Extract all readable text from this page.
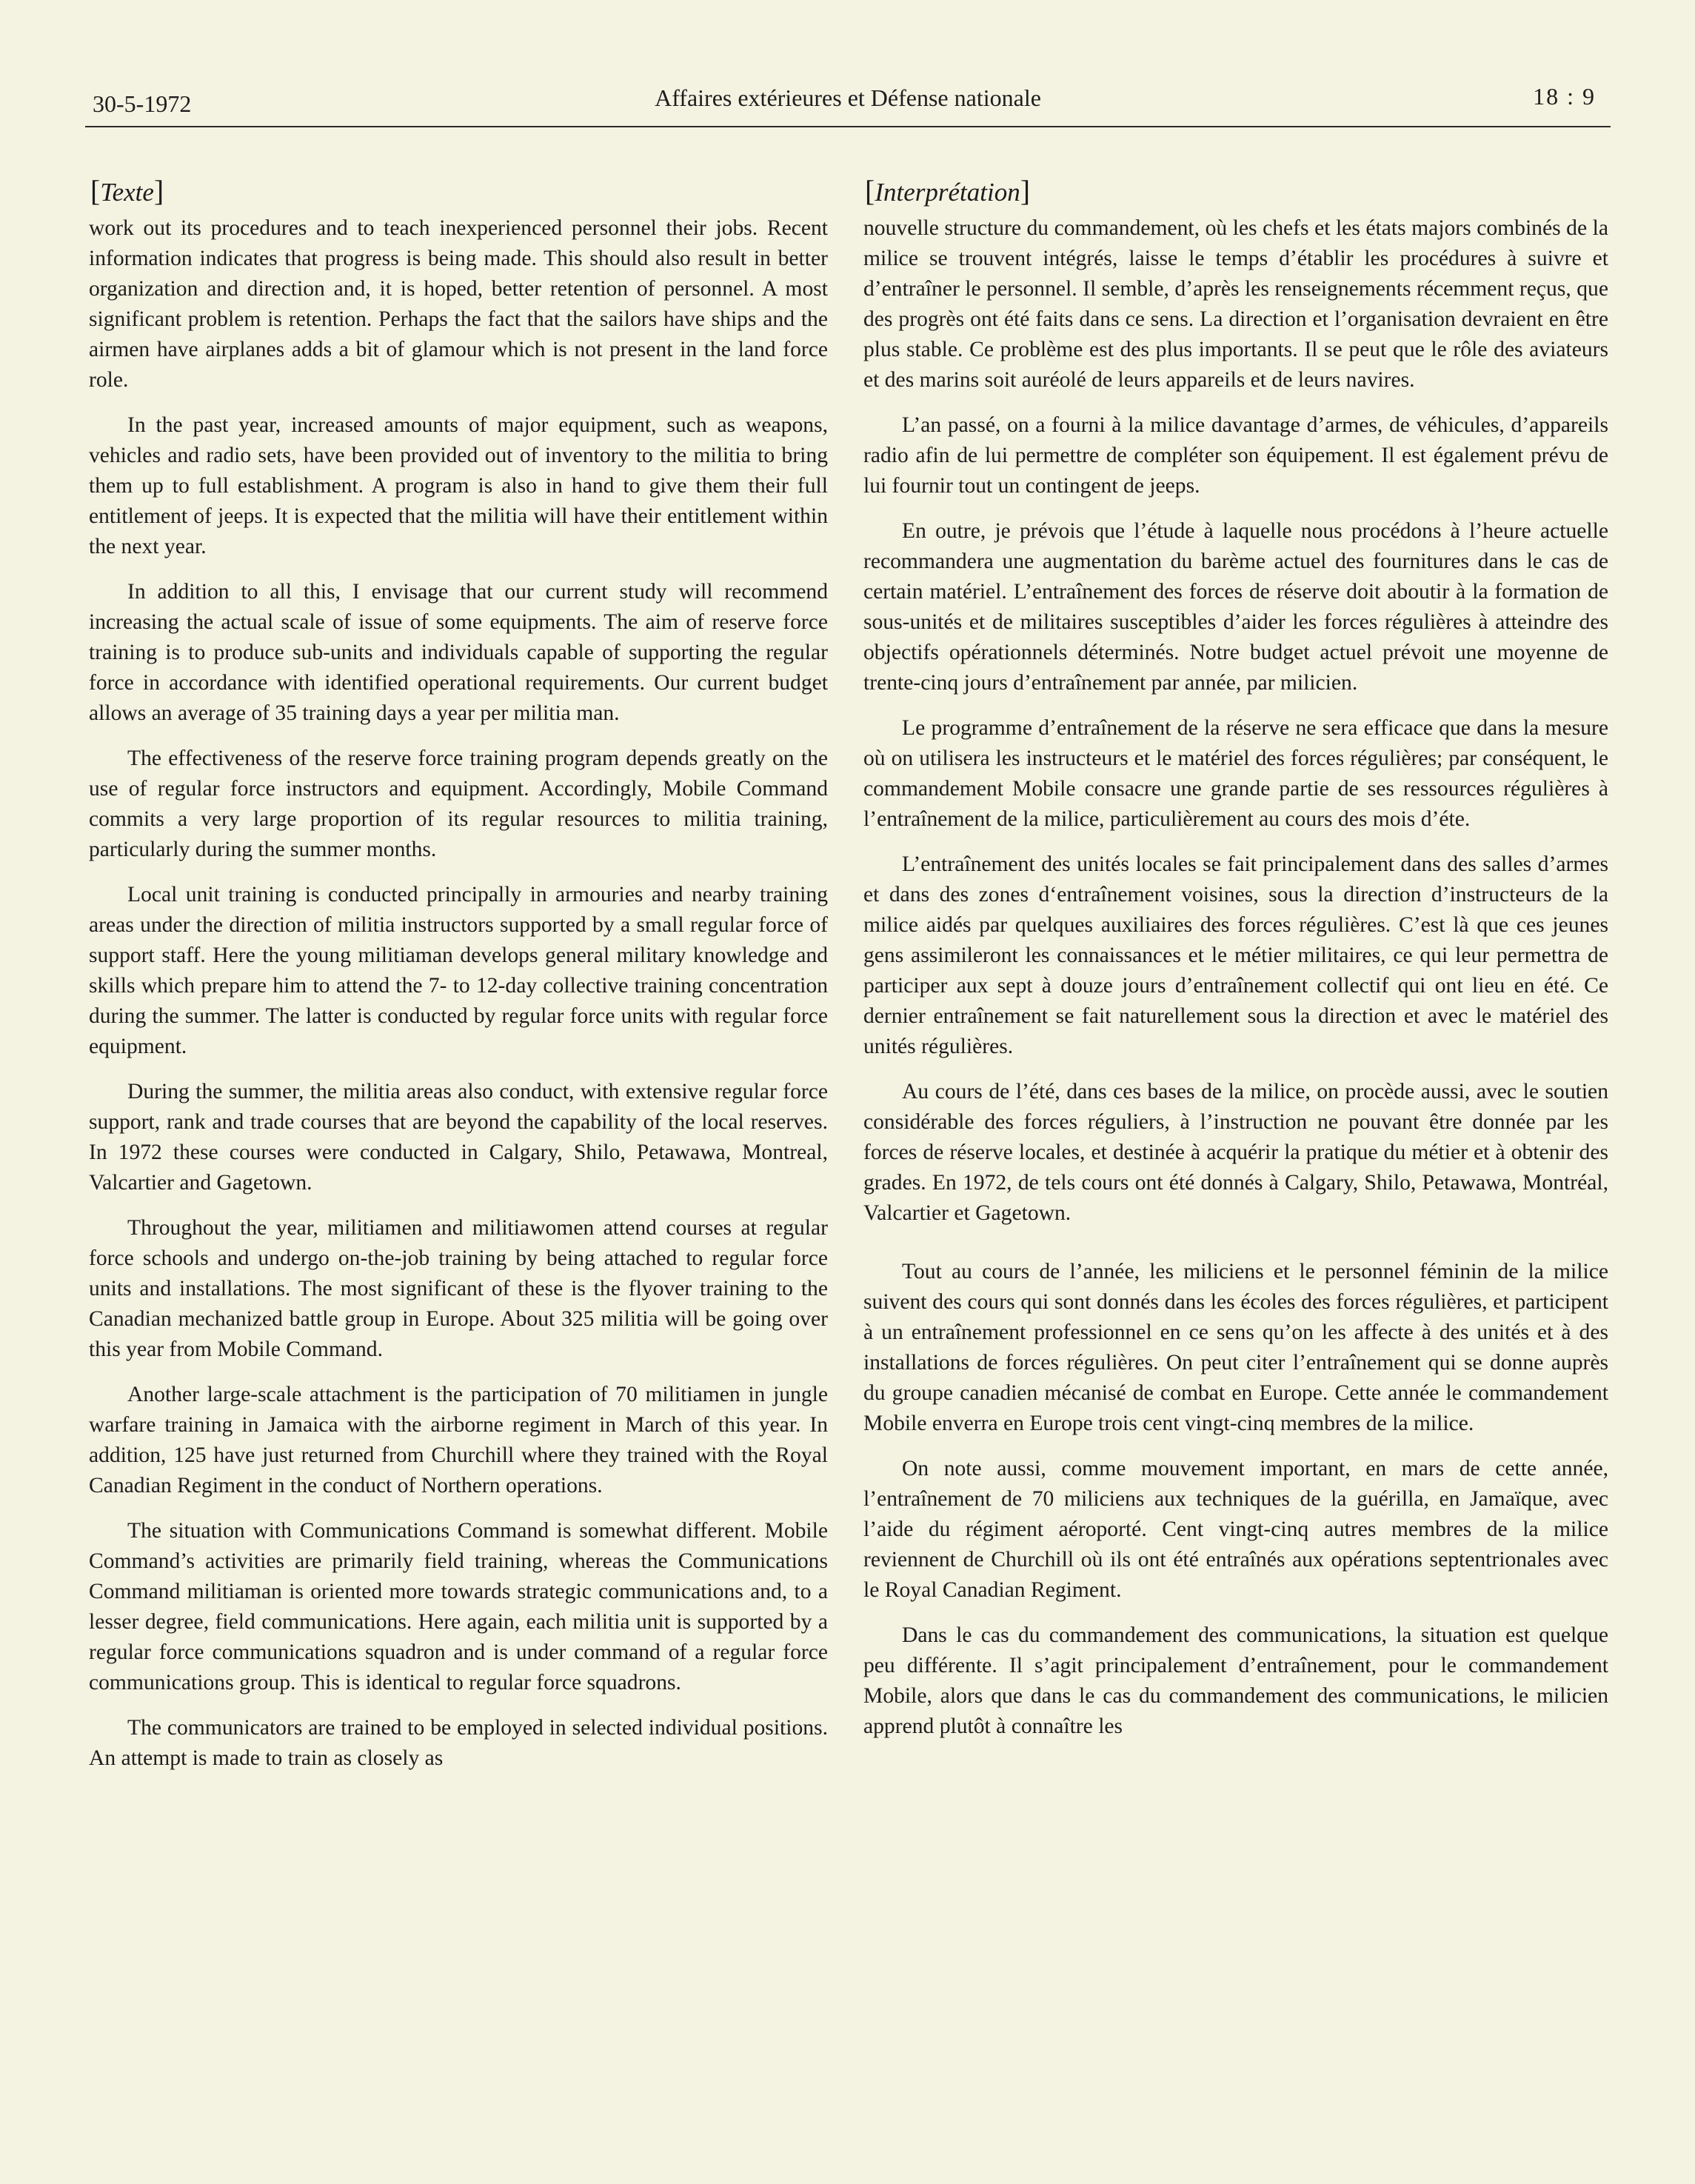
30-5-1972	Affaires extérieures et Défense nationale	18 : 9
[Texte]

work out its procedures and to teach inexperienced personnel their jobs. Recent information indicates that progress is being made. This should also result in better organization and direction and, it is hoped, better retention of personnel. A most significant problem is retention. Perhaps the fact that the sailors have ships and the airmen have airplanes adds a bit of glamour which is not present in the land force role.

In the past year, increased amounts of major equipment, such as weapons, vehicles and radio sets, have been provided out of inventory to the militia to bring them up to full establishment. A program is also in hand to give them their full entitlement of jeeps. It is expected that the militia will have their entitlement within the next year.

In addition to all this, I envisage that our current study will recommend increasing the actual scale of issue of some equipments. The aim of reserve force training is to produce sub-units and individuals capable of supporting the regular force in accordance with identified operational requirements. Our current budget allows an average of 35 training days a year per militia man.

The effectiveness of the reserve force training program depends greatly on the use of regular force instructors and equipment. Accordingly, Mobile Command commits a very large proportion of its regular resources to militia training, particularly during the summer months.

Local unit training is conducted principally in armouries and nearby training areas under the direction of militia instructors supported by a small regular force of support staff. Here the young militiaman develops general military knowledge and skills which prepare him to attend the 7- to 12-day collective training concentration during the summer. The latter is conducted by regular force units with regular force equipment.

During the summer, the militia areas also conduct, with extensive regular force support, rank and trade courses that are beyond the capability of the local reserves. In 1972 these courses were conducted in Calgary, Shilo, Petawawa, Montreal, Valcartier and Gagetown.

Throughout the year, militiamen and militiawomen attend courses at regular force schools and undergo on-the-job training by being attached to regular force units and installations. The most significant of these is the flyover training to the Canadian mechanized battle group in Europe. About 325 militia will be going over this year from Mobile Command.

Another large-scale attachment is the participation of 70 militiamen in jungle warfare training in Jamaica with the airborne regiment in March of this year. In addition, 125 have just returned from Churchill where they trained with the Royal Canadian Regiment in the conduct of Northern operations.

The situation with Communications Command is somewhat different. Mobile Command’s activities are primarily field training, whereas the Communications Command militiaman is oriented more towards strategic communications and, to a lesser degree, field communications. Here again, each militia unit is supported by a regular force communications squadron and is under command of a regular force communications group. This is identical to regular force squadrons.

The communicators are trained to be employed in selected individual positions. An attempt is made to train as closely as

[Interprétation]

nouvelle structure du commandement, où les chefs et les états majors combinés de la milice se trouvent intégrés, laisse le temps d’établir les procédures à suivre et d’entraîner le personnel. Il semble, d’après les renseignements récemment reçus, que des progrès ont été faits dans ce sens. La direction et l’organisation devraient en être plus stable. Ce problème est des plus importants. Il se peut que le rôle des aviateurs et des marins soit auréolé de leurs appareils et de leurs navires.

L’an passé, on a fourni à la milice davantage d’armes, de véhicules, d’appareils radio afin de lui permettre de compléter son équipement. Il est également prévu de lui fournir tout un contingent de jeeps.

En outre, je prévois que l’étude à laquelle nous procédons à l’heure actuelle recommandera une augmentation du barème actuel des fournitures dans le cas de certain matériel. L’entraînement des forces de réserve doit aboutir à la formation de sous-unités et de militaires susceptibles d’aider les forces régulières à atteindre des objectifs opérationnels déterminés. Notre budget actuel prévoit une moyenne de trente-cinq jours d’entraînement par année, par milicien.

Le programme d’entraînement de la réserve ne sera efficace que dans la mesure où on utilisera les instructeurs et le matériel des forces régulières; par conséquent, le commandement Mobile consacre une grande partie de ses ressources régulières à l’entraînement de la milice, particulièrement au cours des mois d’éte.

L’entraînement des unités locales se fait principalement dans des salles d’armes et dans des zones d‘entraînement voisines, sous la direction d’instructeurs de la milice aidés par quelques auxiliaires des forces régulières. C’est là que ces jeunes gens assimileront les connaissances et le métier militaires, ce qui leur permettra de participer aux sept à douze jours d’entraînement collectif qui ont lieu en été. Ce dernier entraînement se fait naturellement sous la direction et avec le matériel des unités régulières.

Au cours de l’été, dans ces bases de la milice, on procède aussi, avec le soutien considérable des forces réguliers, à l’instruction ne pouvant être donnée par les forces de réserve locales, et destinée à acquérir la pratique du métier et à obtenir des grades. En 1972, de tels cours ont été donnés à Calgary, Shilo, Petawawa, Montréal, Valcartier et Gagetown.

Tout au cours de l’année, les miliciens et le personnel féminin de la milice suivent des cours qui sont donnés dans les écoles des forces régulières, et participent à un entraînement professionnel en ce sens qu’on les affecte à des unités et à des installations de forces régulières. On peut citer l’entraînement qui se donne auprès du groupe canadien mécanisé de combat en Europe. Cette année le commandement Mobile enverra en Europe trois cent vingt-cinq membres de la milice.

On note aussi, comme mouvement important, en mars de cette année, l’entraînement de 70 miliciens aux techniques de la guérilla, en Jamaïque, avec l’aide du régiment aéroporté. Cent vingt-cinq autres membres de la milice reviennent de Churchill où ils ont été entraînés aux opérations septentrionales avec le Royal Canadian Regiment.

Dans le cas du commandement des communications, la situation est quelque peu différente. Il s’agit principalement d’entraînement, pour le commandement Mobile, alors que dans le cas du commandement des communications, le milicien apprend plutôt à connaître les
